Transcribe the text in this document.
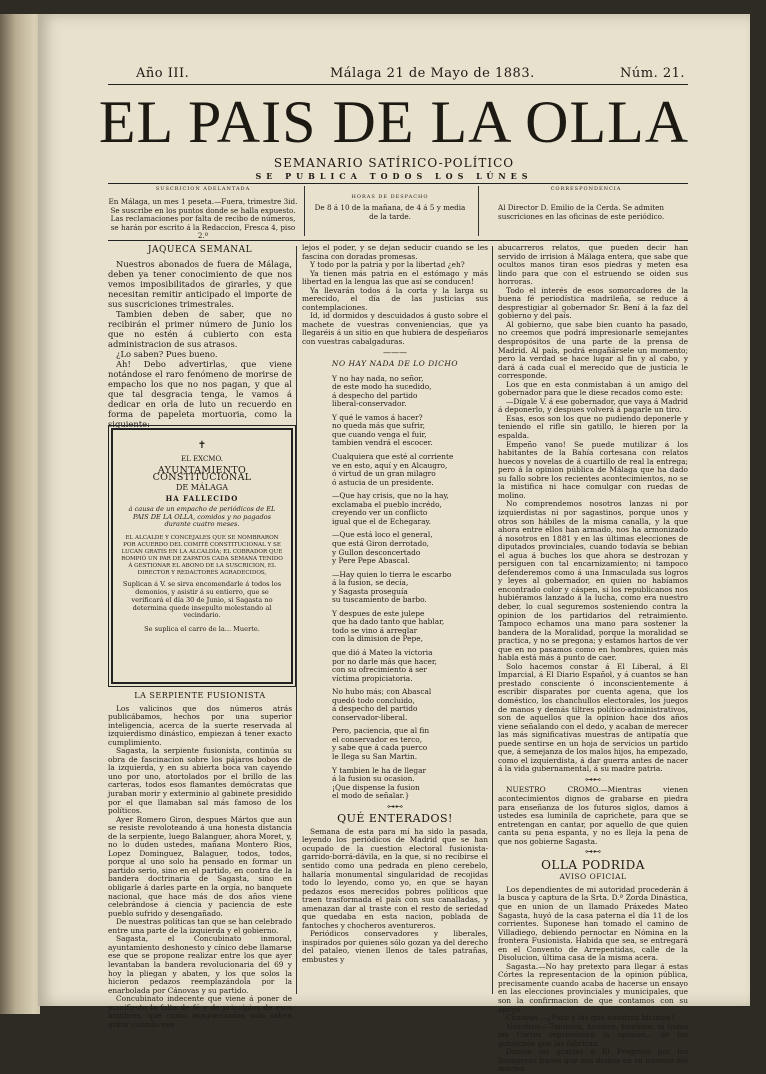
Año III.	Málaga 21 de Mayo de 1883.	Núm. 21.
EL PAIS DE LA OLLA
SEMANARIO SATÍRICO-POLÍTICO
SE PUBLICA TODOS LOS LÚNES
SUSCRICION ADELANTADA
En Málaga, un mes 1 peseta.—Fuera, trimestre 3id. Se suscribe en los puntos donde se halla expuesto. Las reclamaciones por falta de recibo de números, se harán por escrito á la Redaccion, Fresca 4, piso 2.º
HORAS DE DESPACHO
De 8 á 10 de la mañana, de 4 á 5 y media de la tarde.
CORRESPONDENCIA
Al Director D. Emilio de la Cerda. Se admiten suscriciones en las oficinas de este periódico.
JAQUECA SEMANAL

Nuestros abonados de fuera de Málaga, deben ya tener conocimiento de que nos vemos imposibilitados de girarles, y que necesitan remitir anticipado el importe de sus suscriciones trimestrales.

Tambien deben de saber, que no recibirán el primer número de Junio los que no estén á cubierto con esta administracion de sus atrasos.

¿Lo saben? Pues bueno.

Ah! Debo advertirlas, que viene notándose el raro fenómeno de morirse de empacho los que no nos pagan, y que al que tal desgracia tenga, le vamos á dedicar en orla de luto un recuerdo en forma de papeleta mortuoria, como la siguiente:

✝
EL EXCMO.
AYUNTAMIENTO CONSTITUCIONAL
DE MÁLAGA
HA FALLECIDO
á causa de un empacho de periódicos de EL PAIS DE LA OLLA, comidos y no pagados durante cuatro meses.
EL ALCALDE Y CONCEJALES QUE SE NOMBRARON POR ACUERDO DEL COMITÉ CONSTITUCIONAL Y SE LUCAN GRATIS EN LA ALCALDÍA; EL COBRADOR QUE ROMPIÓ UN PAR DE ZAPATOS CADA SEMANA TENIDO Á GESTIONAR EL ABONO DE LA SUSCRICION, EL DIRECTOR Y REDACTORES AGRADECIDOS,
Suplican á V. se sirva encomendarle á todos los demonios, y asistir á su entierro, que se verificará el día 30 de Junio, si Sagasta no determina quede insepulto molestando al vecindario.
Se suplica el carro de la... Muerte.
LA SERPIENTE FUSIONISTA

Los valicinos que dos números atrás publicábamos, hechos por una superior inteligencia, acerca de la suerte reservada al izquierdismo dinástico, empiezan á tener exacto cumplimiento.

Sagasta, la serpiente fusionista, continúa su obra de fascinacion sobre los pájaros bobos de la izquierda, y en su abierta boca van cayendo uno por uno, atortolados por el brillo de las carteras, todos esos flamantes demócratas que juraban morir y exterminio al gabinete presidido por el que llamaban sal más famoso de los políticos.

Ayer Romero Giron, despues Mártos que aun se resiste revoloteando á una honesta distancia de la serpiente, luego Balanguer, ahora Moret, y, no lo duden ustedes, mañana Montero Rios, Lopez Dominguez, Balaguer, todos, todos, porque al uno solo ha pensado en formar un partido serio, sino en el partido, en contra de la bandera doctrinaria de Sagasta, sino en obligarle á darles parte en la orgía, no banquete nacional, que hace más de dos años viene celebrándose á ciencia y paciencia de este pueblo sufrido y desengañado.

De nuestras políticas tan que se han celebrado entre una parte de la izquierda y el gobierno.

Sagasta, el Concubinato inmoral, ayuntamiento deshonesto y cínico debe llamarse ese que se propone realizar entre los que ayer levantaban la bandera revolucionaria del 69 y hoy la pliegan y abaten, y los que solos la hicieron pedazos reemplazándola por la enarbolada por Cánovas y su partido.

Concubinato indecente que viene á poner de manifiesto la falta de fé y de principios de esos hombres, que como avaguenzadas solo saben gritar cuando ven

lejos el poder, y se dejan seducir cuando se les fascina con doradas promesas.

Y todo por la patria y por la libertad ¿eh?

Ya tienen más patria en el estómago y más libertad en la lengua las que así se conducen!

Ya llevarán todos á la corta y la larga su merecido, el día de las justicias sus contemplaciones.

Id, id dormidos y descuidados á gusto sobre el machete de vuestras conveniencias, que ya llegaréis á un sitio en que hubiera de despeñaros con vuestras cabalgaduras.

———
NO HAY NADA DE LO DICHO
Y no hay nada, no señor,
de este modo ha sucedido,
á despecho del partido
liberal-conservador.
Y qué le vamos á hacer?
no queda más que sufrir,
que cuando venga el fuir,
tambien vendrá el escocer.
Cualquiera que esté al corriente
ve en esto, aquí y en Alcaugro,
ó virtud de un gran milagro
ó astucia de un presidente.
—Que hay crisis, que no la hay,
exclamaba el pueblo incrédo,
creyendo ver un conflicto
igual que el de Echegaray.
—Que está loco el general,
que está Giron derrotado,
y Gullon desconcertado
y Pere Pepe Abascal.
—Hay quien lo tierra le escarbo
á la fusion, se decía,
y Sagasta proseguía
su tuscamiento de barbo.
Y despues de este julepe
que ha dado tanto que hablar,
todo se vino á arreglar
con la dimision de Pepe,
que dió á Mateo la victoria
por no darle más que hacer,
con su ofrecimiento á ser
víctima propiciatoria.
No hubo más; con Abascal
quedó todo concluido,
á despecho del partido
conservador-liberal.
Pero, paciencia, que al fin
el conservador es terco,
y sabe que á cada puerco
le llega su San Martin.
Y tambien le ha de llegar
á la fusion su ocasion.
¡Que dispense la fusion
el modo de señalar.}
⊶⊷
QUÉ ENTERADOS!

Semana de esta para mí ha sido la pasada, leyendo los periódicos de Madrid que se han ocupado de la cuestion electoral fusionista-garrido-borrá-dávila, en la que, si no recibirse el sentido como una pedrada en pleno cerebelo, hallaría monumental singularidad de recojidas todo lo leyendo, como yo, en que se hayan pedazos esos merecidos pobres políticos que traen trasformada el país con sus canalladas, y amenazan dar al traste con el resto de seriedad que quedaba en esta nacion, poblada de fantoches y chocheros aventureros.

Periódicos conservadores y liberales, inspirados por quienes sólo gozan ya del derecho del pataleo, vienen llenos de tales patrañas, embustes y

abucarreros relatos, que pueden decir han servido de irrision á Málaga entera, que sabe que ocultos manos tiran esos piedras y meten esa lindo para que con el estruendo se oiden sus horroras.

Todo el interés de esos somorcadores de la buena fé periodística madrileña, se reduce á desprestigiar al gobernador Sr. Bení á la faz del gobierno y del país.

Al gobierno, que sabe bien cuanto ha pasado, no creemos que podrá impresionarle semejantes despropósitos de una parte de la prensa de Madrid. Al país, podrá engañársele un momento; pero la verdad se hace lugar al fin y al cabo, y dará á cada cual el merecido que de justicia le corresponde.

Los que en esta conmistaban á un amigo del gobernador para que le diese recados como este:

—Dígale V. á ese gobernador, que vaya á Madrid á deponerlo, y despues volverá á pagarle un tiro.

Esas, esos son los que no pudiendo deponerle y teniendo el rifle sin gatillo, le hieren por la espalda.

Empeño vano! Se puede mutilizar á los habitantes de la Bahía cortesana con relatos huecos y novelas de á cuartillo de real la entrega; pero á la opinion pública de Málaga que ha dado su fallo sobre los recientes acontecimientos, no se la mistifica ni hace comulgar con ruedas de molino.

No comprendemos nosotros lanzas ni por izquierdistas ni por sagastinos, porque unos y otros son hábiles de la misma canalla, y la que ahora entre ellos han armado, nos ha armonizado á nosotros en 1881 y en las últimas elecciones de diputados provinciales, cuando todavía se bebian el agua á buches los que ahora se destrozan y persiguen con tal encarnizamiento; ni tampoco defenderemos como á una Inmaculada sus logros y leyes al gobernador, en quien no habíamos encontrado color y cáspen, si los republicanos nos hubiéramos lanzado á la lucha, como era nuestro deber, lo cual seguremos sosteniendo contra la opinion de los partidarios del retraimiento. Tampoco echamos una mano para sostener la bandera de la Moralidad, porque la moralidad se practica, y no se pregona; y estamos hartos de ver que en no pasamos como en hombres, quien más habla está más á punto de caer.

Solo hacemos constar á El Liberal, á El Imparcial, á El Diario Español, y á cuantos se han prestado consciente ó inconscientemente á escribir disparates por cuenta agena, que los doméstico, los chanchullos electorales, los juegos de manos y demás tiltres político-administrativos, son de aquellos que la opinion hace dos años viene señalando con el dedo, y acaban de merecer las más significativas muestras de antipatía que puede sentirse en un hoja de servicios un partido que, á semejanza de los malos hijos, ha empezado, como el izquierdista, á dar guerra antes de nacer á la vida gubernamental, á su madre patria.

⊶⊷

NUESTRO CROMO.—Mientras vienen acontecimientos dignos de grabarse en piedra para enseñanza de los futuros siglos, damos á ustedes esa luminila de caprichete, para que se entretengan en cantar, por aquello de que quien canta su pena espanta, y no es lleja la pena de que nos gobierne Sagasta.

⊶⊷
OLLA PODRIDA
AVISO OFICIAL

Los dependientes de mi autoridad procederán á la busca y captura de la Srta. D.ª Zorda Dinástica, que en union de un llamado Práxedes Mateo Sagasta, huyó de la casa paterna el día 11 de los corrientes. Suponese han tomado el camino de Villadiego, debiendo pernoctar en Nómina en la frontera Fusionista. Habida que sea, se entregará en el Convento de Arrepentidas, calle de la Disolucion, última casa de la misma acera.

Sagasta.—No hay pretexto para llegar á estas Córtes la representacion de la opinion pública, precisamente cuando acaba de hacerse un ensayo en las elecciones provinciales y municipales, que son la confirmacion de que contamos con su apoyo.

Cánovas.—¿Poco y las que nosotros hicimos?

Nosotros.—Tambien, hombre, tambien; ni todas las Córtes representan la opinion... de los gobiernos que las fabrican.

Damos las gracias á El Progreso por las lisongeras frases que nos dedica en su número del martes.
